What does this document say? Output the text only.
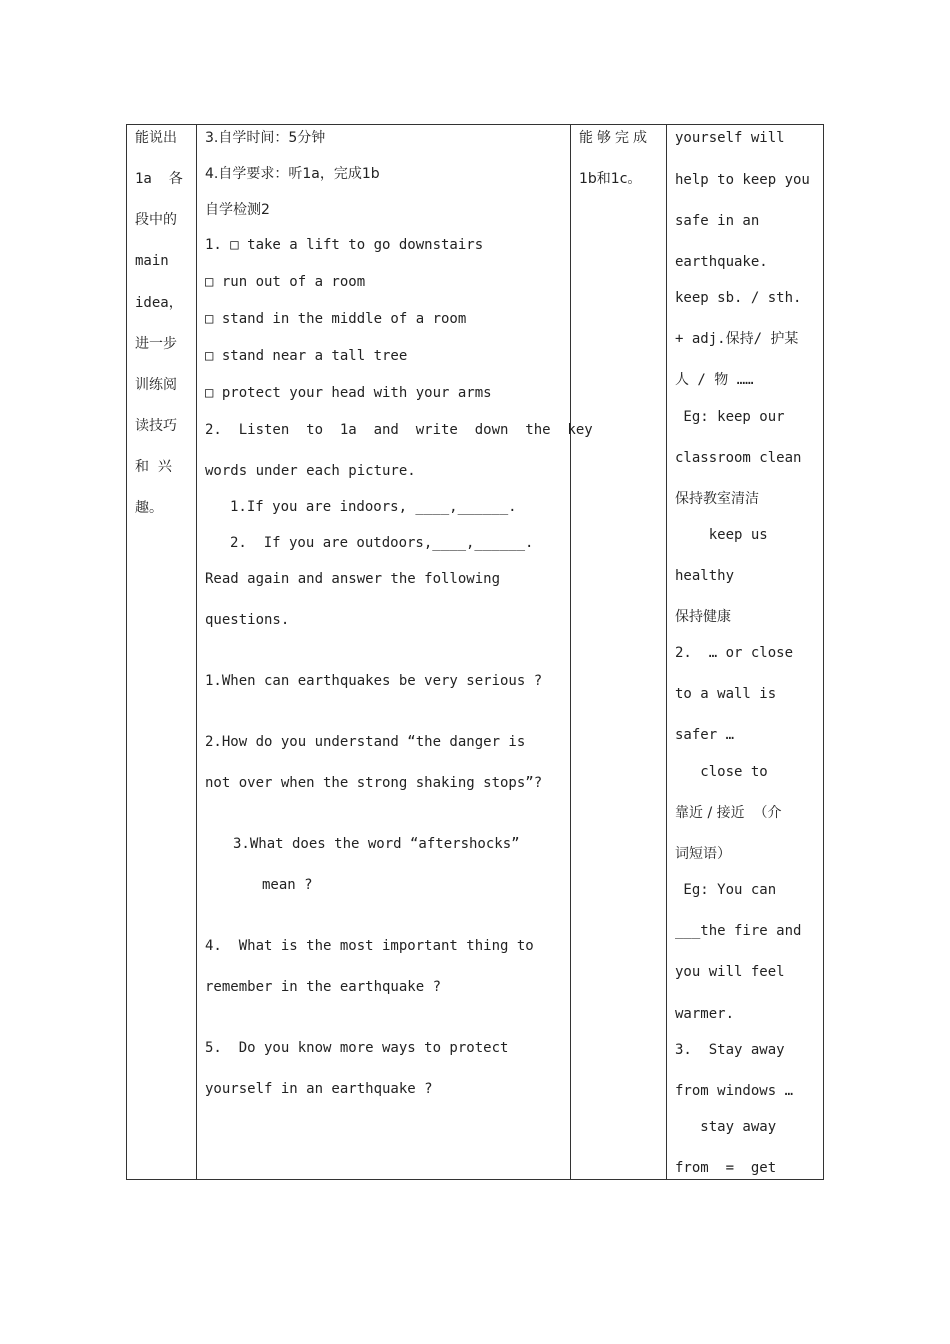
能说出
1a  各
段中的
main
idea，
进一步
训练阅
读技巧
和  兴
趣。
3.自学时间：5分钟
4.自学要求：听1a，完成1b
自学检测2
1. □ take a lift to go downstairs
□ run out of a room
□ stand in the middle of a room
□ stand near a tall tree
□ protect your head with your arms
2.  Listen  to  1a  and  write  down  the  key
words under each picture.
1.If you are indoors, ____,______.
2.  If you are outdoors,____,______.
Read again and answer the following
questions.
1.When can earthquakes be very serious ?
2.How do you understand “the danger is
not over when the strong shaking stops”?
3.What does the word “aftershocks”
mean ?
4.  What is the most important thing to
remember in the earthquake ?
5.  Do you know more ways to protect
yourself in an earthquake ?
能够完成
1b和1c。
yourself will
help to keep you
safe in an
earthquake.
keep sb. / sth.
+ adj.保持/ 护某
人 / 物 ……
Eg: keep our
classroom clean
保持教室清洁
keep us
healthy
保持健康
2.  … or close
to a wall is
safer …
close to
靠近 / 接近  （介
词短语）
Eg: You can
___the fire and
you will feel
warmer.
3.  Stay away
from windows …
stay away
from  =  get
